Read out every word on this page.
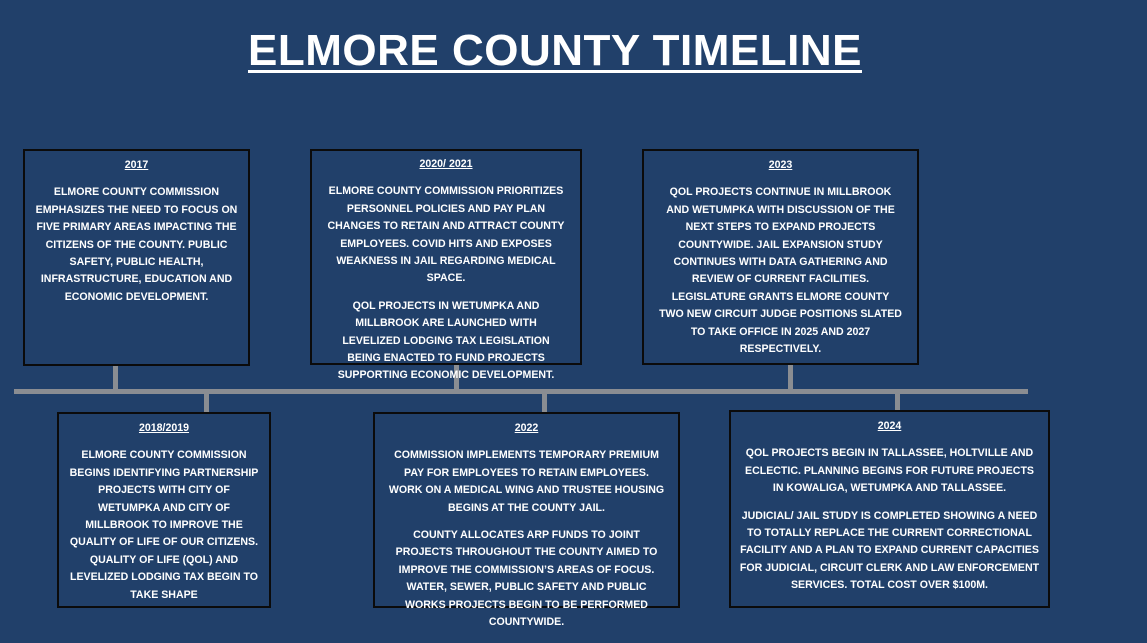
ELMORE COUNTY TIMELINE
2017

ELMORE COUNTY COMMISSION EMPHASIZES THE NEED TO FOCUS ON FIVE PRIMARY AREAS IMPACTING THE CITIZENS OF THE COUNTY. PUBLIC SAFETY, PUBLIC HEALTH, INFRASTRUCTURE, EDUCATION AND ECONOMIC DEVELOPMENT.

2018/2019

ELMORE COUNTY COMMISSION BEGINS IDENTIFYING PARTNERSHIP PROJECTS WITH CITY OF WETUMPKA AND CITY OF MILLBROOK TO IMPROVE THE QUALITY OF LIFE OF OUR CITIZENS. QUALITY OF LIFE (QOL) AND LEVELIZED LODGING TAX BEGIN TO TAKE SHAPE

2020/ 2021

ELMORE COUNTY COMMISSION PRIORITIZES PERSONNEL POLICIES AND PAY PLAN CHANGES TO RETAIN AND ATTRACT COUNTY EMPLOYEES. COVID HITS AND EXPOSES WEAKNESS IN JAIL REGARDING MEDICAL SPACE.

QOL PROJECTS IN WETUMPKA AND MILLBROOK ARE LAUNCHED WITH LEVELIZED LODGING TAX LEGISLATION BEING ENACTED TO FUND PROJECTS SUPPORTING ECONOMIC DEVELOPMENT.

2022

COMMISSION IMPLEMENTS TEMPORARY PREMIUM PAY FOR EMPLOYEES TO RETAIN EMPLOYEES. WORK ON A MEDICAL WING AND TRUSTEE HOUSING BEGINS AT THE COUNTY JAIL.

COUNTY ALLOCATES ARP FUNDS TO JOINT PROJECTS THROUGHOUT THE COUNTY AIMED TO IMPROVE THE COMMISSION’S AREAS OF FOCUS. WATER, SEWER, PUBLIC SAFETY AND PUBLIC WORKS PROJECTS BEGIN TO BE PERFORMED COUNTYWIDE.

2023

QOL PROJECTS CONTINUE IN MILLBROOK AND WETUMPKA WITH DISCUSSION OF THE NEXT STEPS TO EXPAND PROJECTS COUNTYWIDE. JAIL EXPANSION STUDY CONTINUES WITH DATA GATHERING AND REVIEW OF CURRENT FACILITIES. LEGISLATURE GRANTS ELMORE COUNTY TWO NEW CIRCUIT JUDGE POSITIONS SLATED TO TAKE OFFICE IN 2025 AND 2027 RESPECTIVELY.

2024

QOL PROJECTS BEGIN IN TALLASSEE, HOLTVILLE AND ECLECTIC. PLANNING BEGINS FOR FUTURE PROJECTS IN KOWALIGA, WETUMPKA AND TALLASSEE.

JUDICIAL/ JAIL STUDY IS COMPLETED SHOWING A NEED TO TOTALLY REPLACE THE CURRENT CORRECTIONAL FACILITY AND A PLAN TO EXPAND CURRENT CAPACITIES FOR JUDICIAL, CIRCUIT CLERK AND LAW ENFORCEMENT SERVICES. TOTAL COST OVER $100M.
